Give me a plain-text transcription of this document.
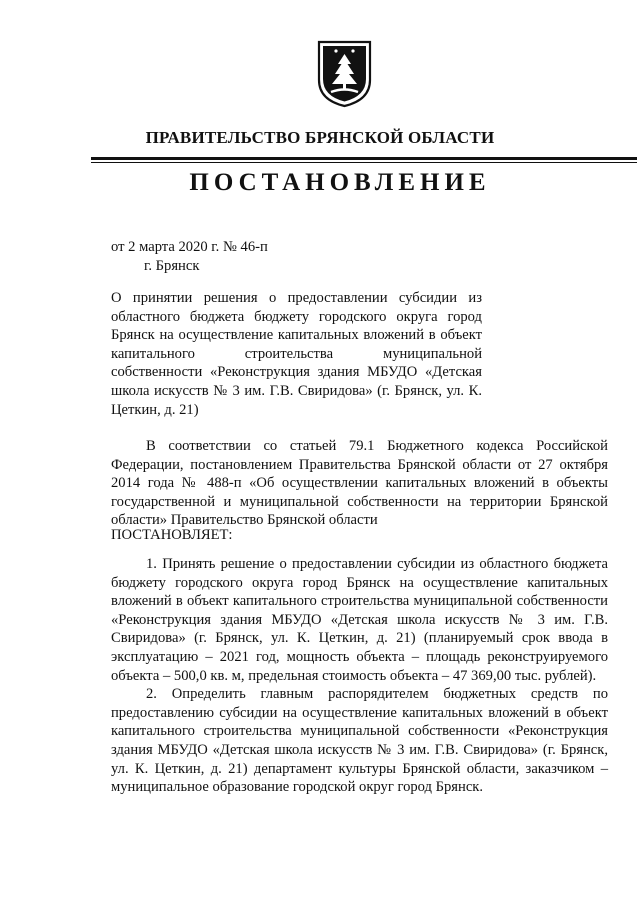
ПРАВИТЕЛЬСТВО БРЯНСКОЙ ОБЛАСТИ
ПОСТАНОВЛЕНИЕ
от 2 марта 2020 г. № 46-п
г. Брянск
О принятии решения о предоставлении субсидии из областного бюджета бюджету городского округа город Брянск на осуществление капитальных вложений в объект капитального строительства муниципальной собственности «Реконструкция здания МБУДО «Детская школа искусств № 3 им. Г.В. Свиридова» (г. Брянск, ул. К. Цеткин, д. 21)

В соответствии со статьей 79.1 Бюджетного кодекса Российской Федерации, постановлением Правительства Брянской области от 27 октября 2014 года № 488-п «Об осуществлении капитальных вложений в объекты государственной и муниципальной собственности на территории Брянской области» Правительство Брянской области

ПОСТАНОВЛЯЕТ:

1. Принять решение о предоставлении субсидии из областного бюджета бюджету городского округа город Брянск на осуществление капитальных вложений в объект капитального строительства муниципальной собственности «Реконструкция здания МБУДО «Детская школа искусств № 3 им. Г.В. Свиридова» (г. Брянск, ул. К. Цеткин, д. 21) (планируемый срок ввода в эксплуатацию – 2021 год, мощность объекта – площадь реконструируемого объекта – 500,0 кв. м, предельная стоимость объекта – 47 369,00 тыс. рублей).

2. Определить главным распорядителем бюджетных средств по предоставлению субсидии на осуществление капитальных вложений в объект капитального строительства муниципальной собственности «Реконструкция здания МБУДО «Детская школа искусств № 3 им. Г.В. Свиридова» (г. Брянск, ул. К. Цеткин, д. 21) департамент культуры Брянской области, заказчиком – муниципальное образование городской округ город Брянск.
